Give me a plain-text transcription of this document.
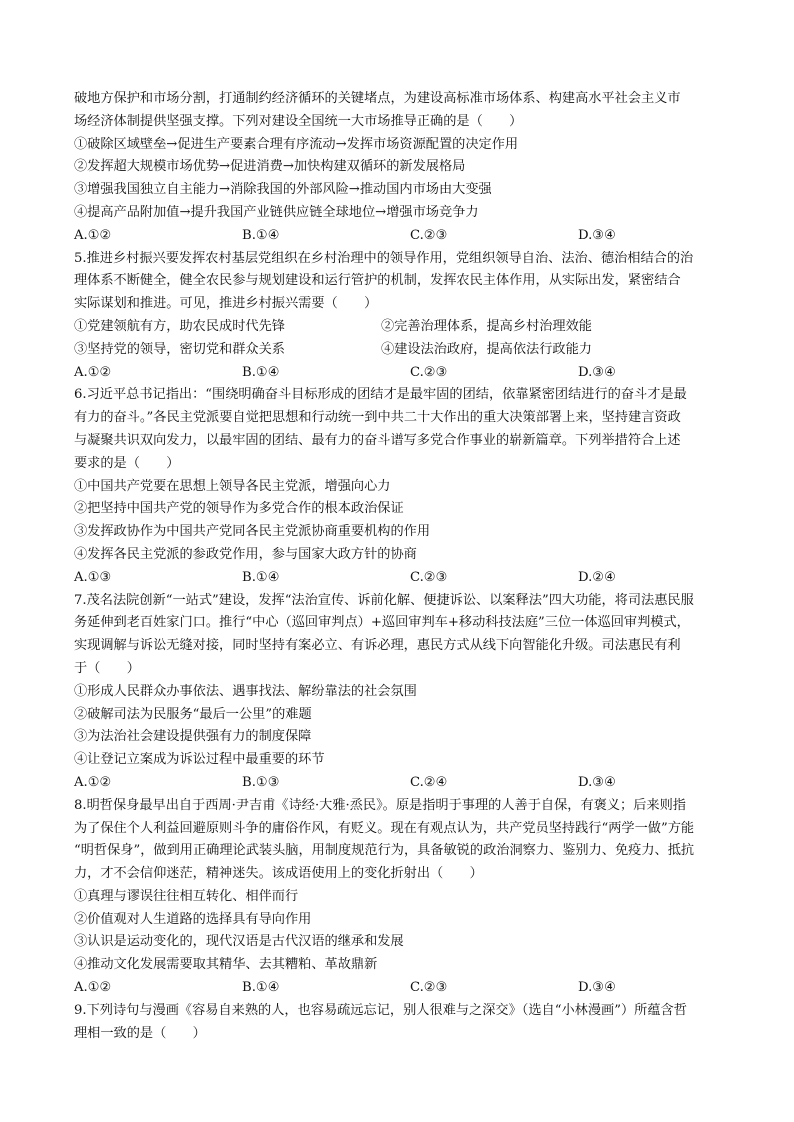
破地方保护和市场分割，打通制约经济循环的关键堵点，为建设高标准市场体系、构建高水平社会主义市
场经济体制提供坚强支撑。下列对建设全国统一大市场推导正确的是（　　）
①破除区域壁垒→促进生产要素合理有序流动→发挥市场资源配置的决定作用
②发挥超大规模市场优势→促进消费→加快构建双循环的新发展格局
③增强我国独立自主能力→消除我国的外部风险→推动国内市场由大变强
④提高产品附加值→提升我国产业链供应链全球地位→增强市场竞争力
A.①②	B.①④	C.②③	D.③④
5.推进乡村振兴要发挥农村基层党组织在乡村治理中的领导作用，党组织领导自治、法治、德治相结合的治
理体系不断健全，健全农民参与规划建设和运行管护的机制，发挥农民主体作用，从实际出发，紧密结合
实际谋划和推进。可见，推进乡村振兴需要（　　）
①党建领航有方，助农民成时代先锋	②完善治理体系，提高乡村治理效能
③坚持党的领导，密切党和群众关系	④建设法治政府，提高依法行政能力
A.①②	B.①④	C.②③	D.③④
6.习近平总书记指出：“围绕明确奋斗目标形成的团结才是最牢固的团结，依靠紧密团结进行的奋斗才是最
有力的奋斗。”各民主党派要自觉把思想和行动统一到中共二十大作出的重大决策部署上来，坚持建言资政
与凝聚共识双向发力，以最牢固的团结、最有力的奋斗谱写多党合作事业的崭新篇章。下列举措符合上述
要求的是（　　）
①中国共产党要在思想上领导各民主党派，增强向心力
②把坚持中国共产党的领导作为多党合作的根本政治保证
③发挥政协作为中国共产党同各民主党派协商重要机构的作用
④发挥各民主党派的参政党作用，参与国家大政方针的协商
A.①③	B.①④	C.②③	D.②④
7.茂名法院创新“一站式”建设，发挥“法治宣传、诉前化解、便捷诉讼、以案释法”四大功能，将司法惠民服
务延伸到老百姓家门口。推行“中心（巡回审判点）+巡回审判车+移动科技法庭”三位一体巡回审判模式，
实现调解与诉讼无缝对接，同时坚持有案必立、有诉必理，惠民方式从线下向智能化升级。司法惠民有利
于（　　）
①形成人民群众办事依法、遇事找法、解纷靠法的社会氛围
②破解司法为民服务“最后一公里”的难题
③为法治社会建设提供强有力的制度保障
④让登记立案成为诉讼过程中最重要的环节
A.①②	B.①③	C.②④	D.③④
8.明哲保身最早出自于西周·尹吉甫《诗经·大雅·烝民》。原是指明于事理的人善于自保，有褒义；后来则指
为了保住个人利益回避原则斗争的庸俗作风，有贬义。现在有观点认为，共产党员坚持践行“两学一做”方能
“明哲保身”，做到用正确理论武装头脑，用制度规范行为，具备敏锐的政治洞察力、鉴别力、免疫力、抵抗
力，才不会信仰迷茫，精神迷失。该成语使用上的变化折射出（　　）
①真理与谬误往往相互转化、相伴而行
②价值观对人生道路的选择具有导向作用
③认识是运动变化的，现代汉语是古代汉语的继承和发展
④推动文化发展需要取其精华、去其糟粕、革故鼎新
A.①②	B.①④	C.②③	D.③④
9.下列诗句与漫画《容易自来熟的人，也容易疏远忘记，别人很难与之深交》（选自“小林漫画”）所蕴含哲
理相一致的是（　　）
